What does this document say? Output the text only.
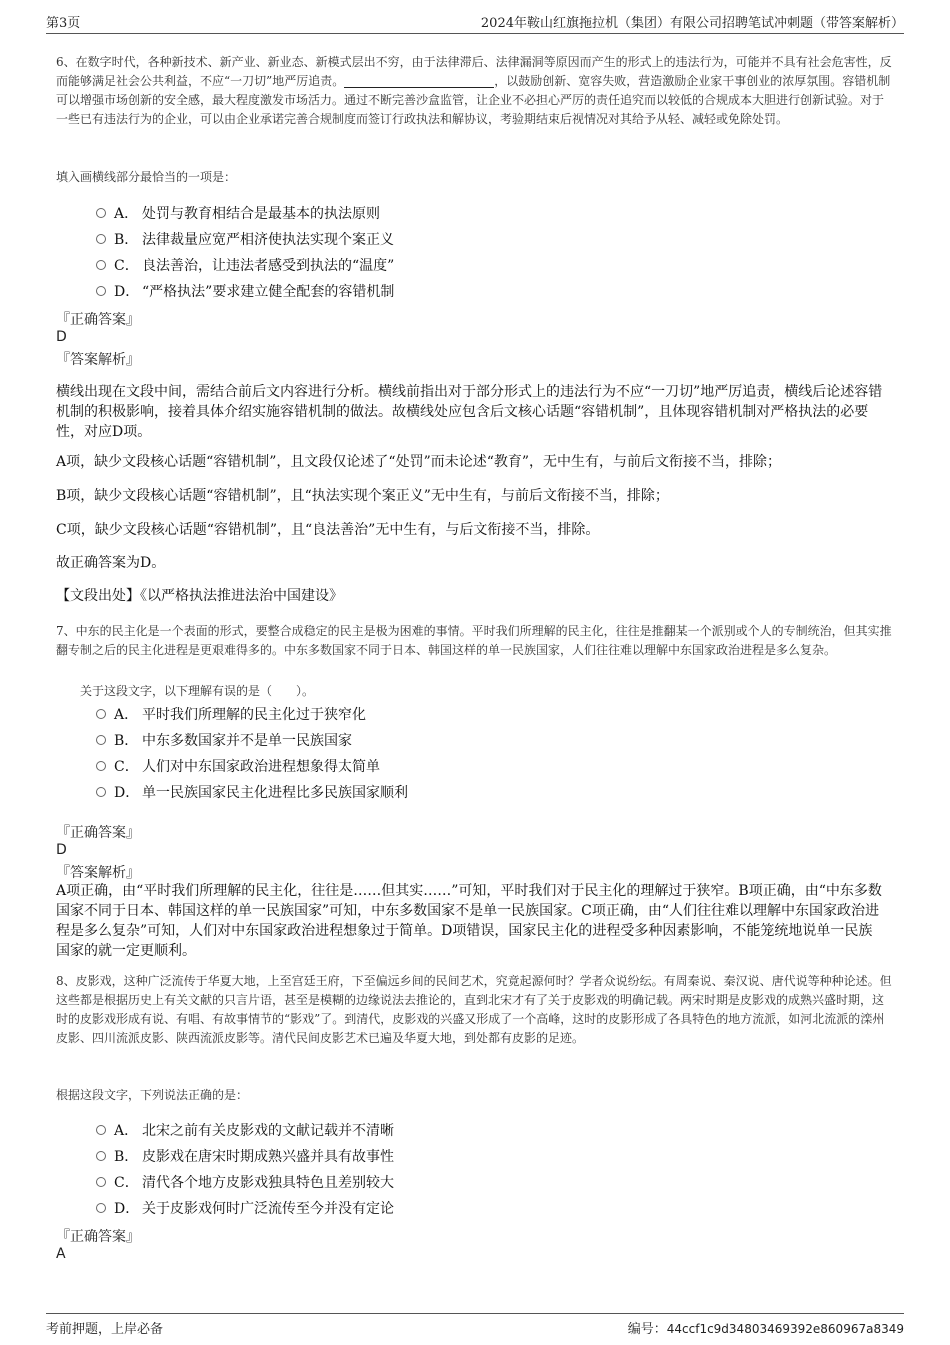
第3页	2024年鞍山红旗拖拉机（集团）有限公司招聘笔试冲刺题（带答案解析）
6、在数字时代，各种新技术、新产业、新业态、新模式层出不穷，由于法律滞后、法律漏洞等原因而产生的形式上的违法行为，可能并不具有社会危害性，反而能够满足社会公共利益，不应“一刀切”地严厉追责。	，以鼓励创新、宽容失败，营造激励企业家干事创业的浓厚氛围。容错机制可以增强市场创新的安全感，最大程度激发市场活力。通过不断完善沙盒监管，让企业不必担心严厉的责任追究而以较低的合规成本大胆进行创新试验。对于一些已有违法行为的企业，可以由企业承诺完善合规制度而签订行政执法和解协议，考验期结束后视情况对其给予从轻、减轻或免除处罚。
填入画横线部分最恰当的一项是：
A． 处罚与教育相结合是最基本的执法原则
B． 法律裁量应宽严相济使执法实现个案正义
C． 良法善治，让违法者感受到执法的“温度”
D． “严格执法”要求建立健全配套的容错机制
『正确答案』
D
『答案解析』
横线出现在文段中间，需结合前后文内容进行分析。横线前指出对于部分形式上的违法行为不应“一刀切”地严厉追责，横线后论述容错机制的积极影响，接着具体介绍实施容错机制的做法。故横线处应包含后文核心话题“容错机制”，且体现容错机制对严格执法的必要性，对应D项。
A项，缺少文段核心话题“容错机制”，且文段仅论述了“处罚”而未论述“教育”，无中生有，与前后文衔接不当，排除；
B项，缺少文段核心话题“容错机制”，且“执法实现个案正义”无中生有，与前后文衔接不当，排除；
C项，缺少文段核心话题“容错机制”，且“良法善治”无中生有，与后文衔接不当，排除。
故正确答案为D。
【文段出处】《以严格执法推进法治中国建设》
7、中东的民主化是一个表面的形式，要整合成稳定的民主是极为困难的事情。平时我们所理解的民主化，往往是推翻某一个派别或个人的专制统治，但其实推翻专制之后的民主化进程是更艰难得多的。中东多数国家不同于日本、韩国这样的单一民族国家，人们往往难以理解中东国家政治进程是多么复杂。
关于这段文字，以下理解有误的是（　　）。
A． 平时我们所理解的民主化过于狭窄化
B． 中东多数国家并不是单一民族国家
C． 人们对中东国家政治进程想象得太简单
D． 单一民族国家民主化进程比多民族国家顺利
『正确答案』
D
『答案解析』
A项正确，由“平时我们所理解的民主化，往往是……但其实……”可知，平时我们对于民主化的理解过于狭窄。B项正确，由“中东多数国家不同于日本、韩国这样的单一民族国家”可知，中东多数国家不是单一民族国家。C项正确，由“人们往往难以理解中东国家政治进程是多么复杂”可知，人们对中东国家政治进程想象过于简单。D项错误，国家民主化的进程受多种因素影响，不能笼统地说单一民族国家的就一定更顺利。
8、皮影戏，这种广泛流传于华夏大地，上至宫廷王府，下至偏远乡间的民间艺术，究竟起源何时？学者众说纷纭。有周秦说、秦汉说、唐代说等种种论述。但这些都是根据历史上有关文献的只言片语，甚至是模糊的边缘说法去推论的，直到北宋才有了关于皮影戏的明确记载。两宋时期是皮影戏的成熟兴盛时期，这时的皮影戏形成有说、有唱、有故事情节的“影戏”了。到清代，皮影戏的兴盛又形成了一个高峰，这时的皮影形成了各具特色的地方流派，如河北流派的滦州皮影、四川流派皮影、陕西流派皮影等。清代民间皮影艺术已遍及华夏大地，到处都有皮影的足迹。
根据这段文字，下列说法正确的是：
A． 北宋之前有关皮影戏的文献记载并不清晰
B． 皮影戏在唐宋时期成熟兴盛并具有故事性
C． 清代各个地方皮影戏独具特色且差别较大
D． 关于皮影戏何时广泛流传至今并没有定论
『正确答案』
A
考前押题，上岸必备	编号：44ccf1c9d34803469392e860967a8349
